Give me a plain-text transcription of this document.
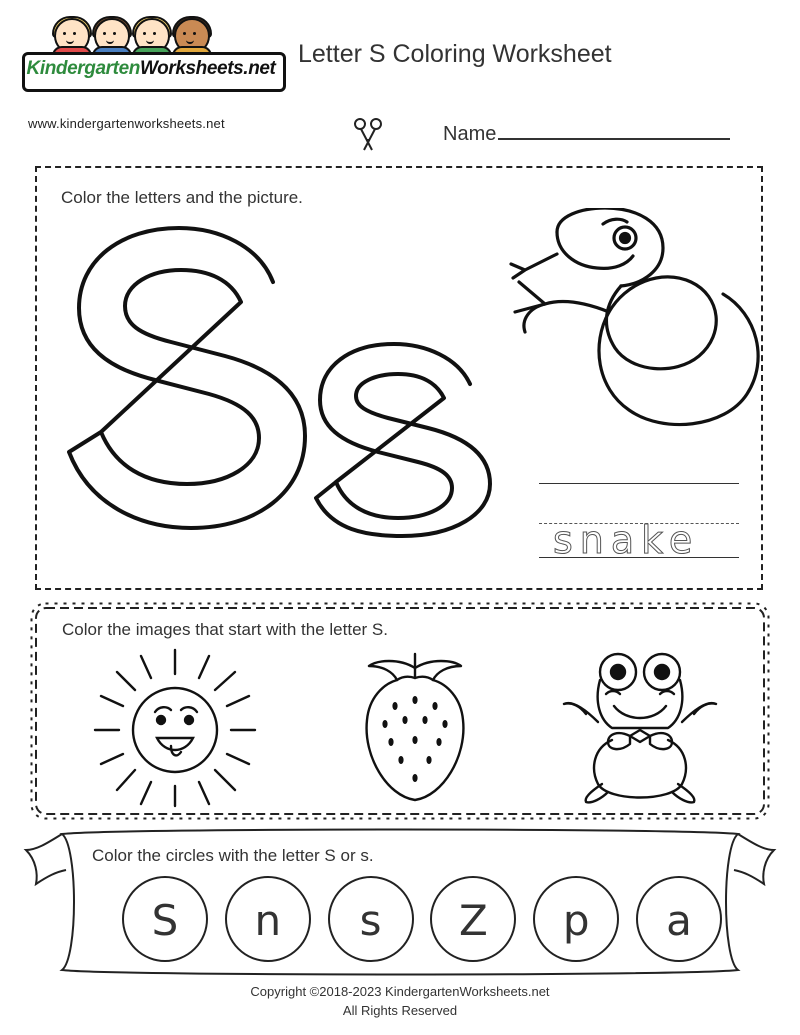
KindergartenWorksheets.net
www.kindergartenworksheets.net
Letter S Coloring Worksheet
Name
Color the letters and the picture.
snake
Color the images that start with the letter S.
Color the circles with the letter S or s.
S	n	s	Z	p	a
Copyright ©2018-2023 KindergartenWorksheets.net
All Rights Reserved
